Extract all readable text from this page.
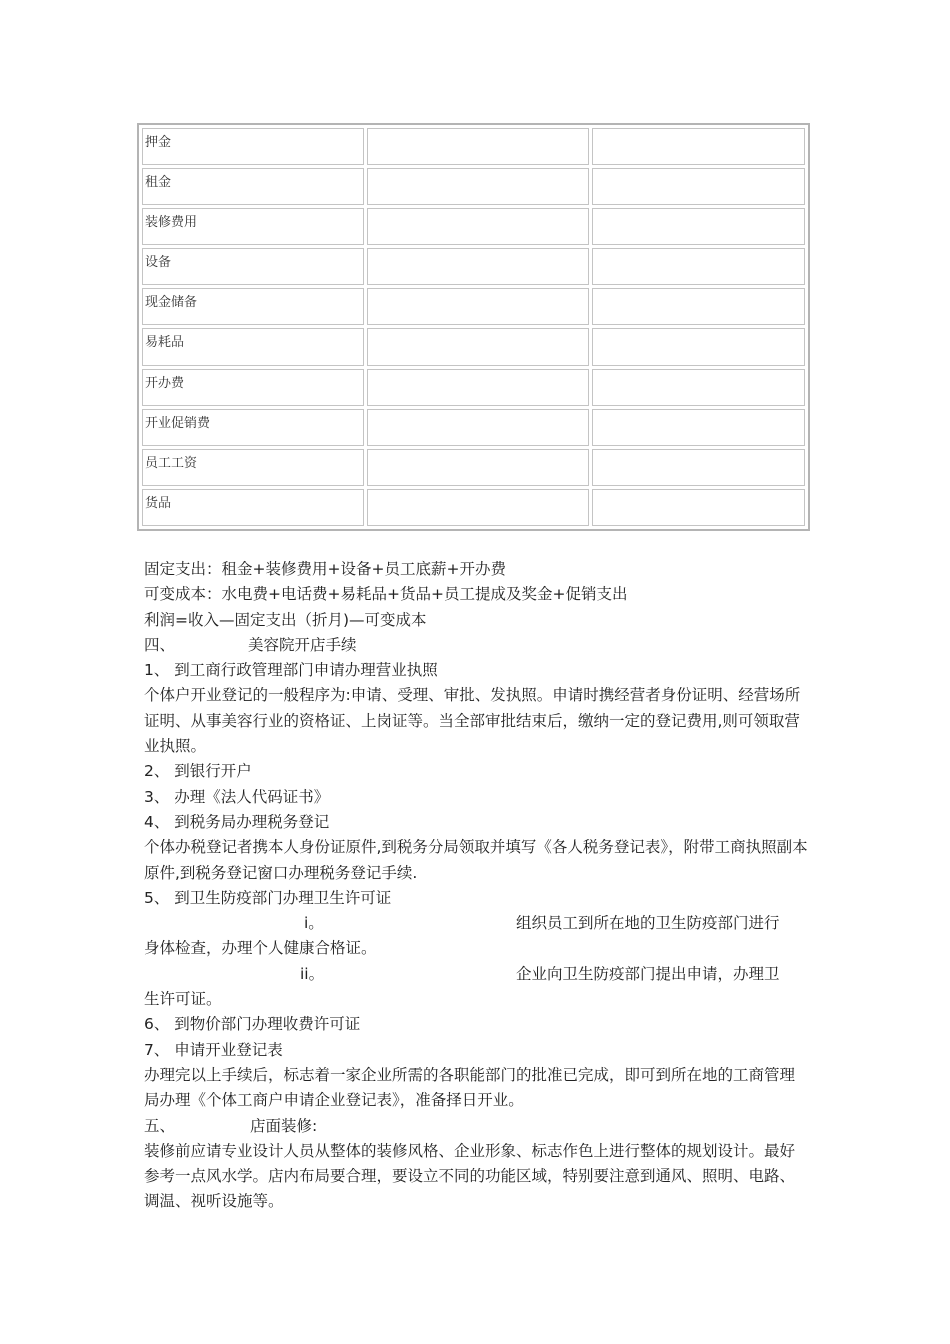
押金		
租金		
装修费用		
设备		
现金储备		
易耗品		
开办费		
开业促销费		
员工工资		
货品		
固定支出：租金+装修费用+设备+员工底薪+开办费
可变成本：水电费+电话费+易耗品+货品+员工提成及奖金+促销支出
利润=收入—固定支出（折月)—可变成本
四、	美容院开店手续
1、 到工商行政管理部门申请办理营业执照
个体户开业登记的一般程序为:申请、受理、审批、发执照。申请时携经营者身份证明、经营场所证明、从事美容行业的资格证、上岗证等。当全部审批结束后，缴纳一定的登记费用,则可领取营业执照。
2、 到银行开户
3、 办理《法人代码证书》
4、 到税务局办理税务登记
个体办税登记者携本人身份证原件,到税务分局领取并填写《各人税务登记表》，附带工商执照副本原件,到税务登记窗口办理税务登记手续.
5、 到卫生防疫部门办理卫生许可证
i。	组织员工到所在地的卫生防疫部门进行
身体检查，办理个人健康合格证。
ii。	企业向卫生防疫部门提出申请，办理卫
生许可证。
6、 到物价部门办理收费许可证
7、 申请开业登记表
办理完以上手续后，标志着一家企业所需的各职能部门的批准已完成，即可到所在地的工商管理局办理《个体工商户申请企业登记表》，准备择日开业。
五、	店面装修:
装修前应请专业设计人员从整体的装修风格、企业形象、标志作色上进行整体的规划设计。最好参考一点风水学。店内布局要合理，要设立不同的功能区域，特别要注意到通风、照明、电路、调温、视听设施等。
